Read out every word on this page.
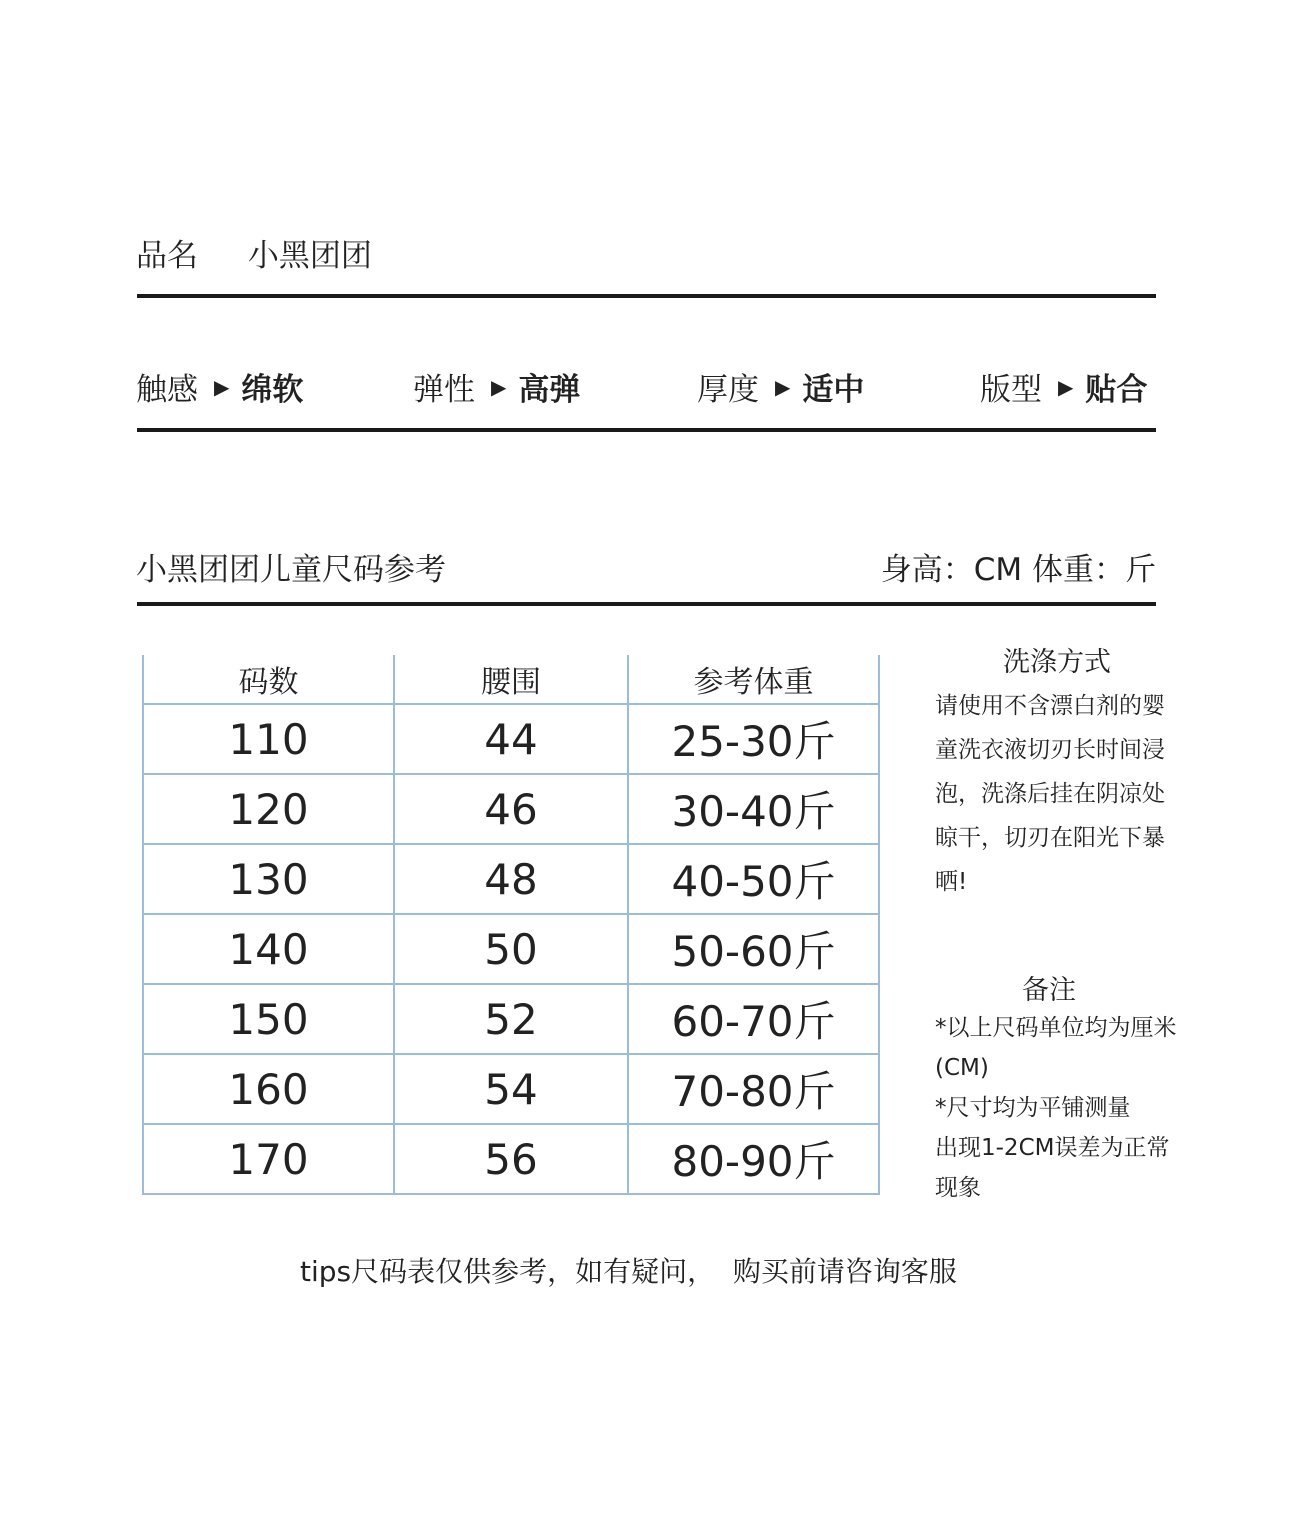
品名 小黑团团
触感 ▶ 绵软	弹性 ▶ 高弹	厚度 ▶ 适中	版型 ▶ 贴合
小黑团团儿童尺码参考	身高：CM 体重：斤
码数	腰围	参考体重
110	44	25-30斤
120	46	30-40斤
130	48	40-50斤
140	50	50-60斤
150	52	60-70斤
160	54	70-80斤
170	56	80-90斤
洗涤方式
请使用不含漂白剂的婴
童洗衣液切刃长时间浸
泡，洗涤后挂在阴凉处
晾干，切刃在阳光下暴
晒!
备注
*以上尺码单位均为厘米
(CM)
*尺寸均为平铺测量
出现1-2CM误差为正常
现象
tips尺码表仅供参考，如有疑问，  购买前请咨询客服
